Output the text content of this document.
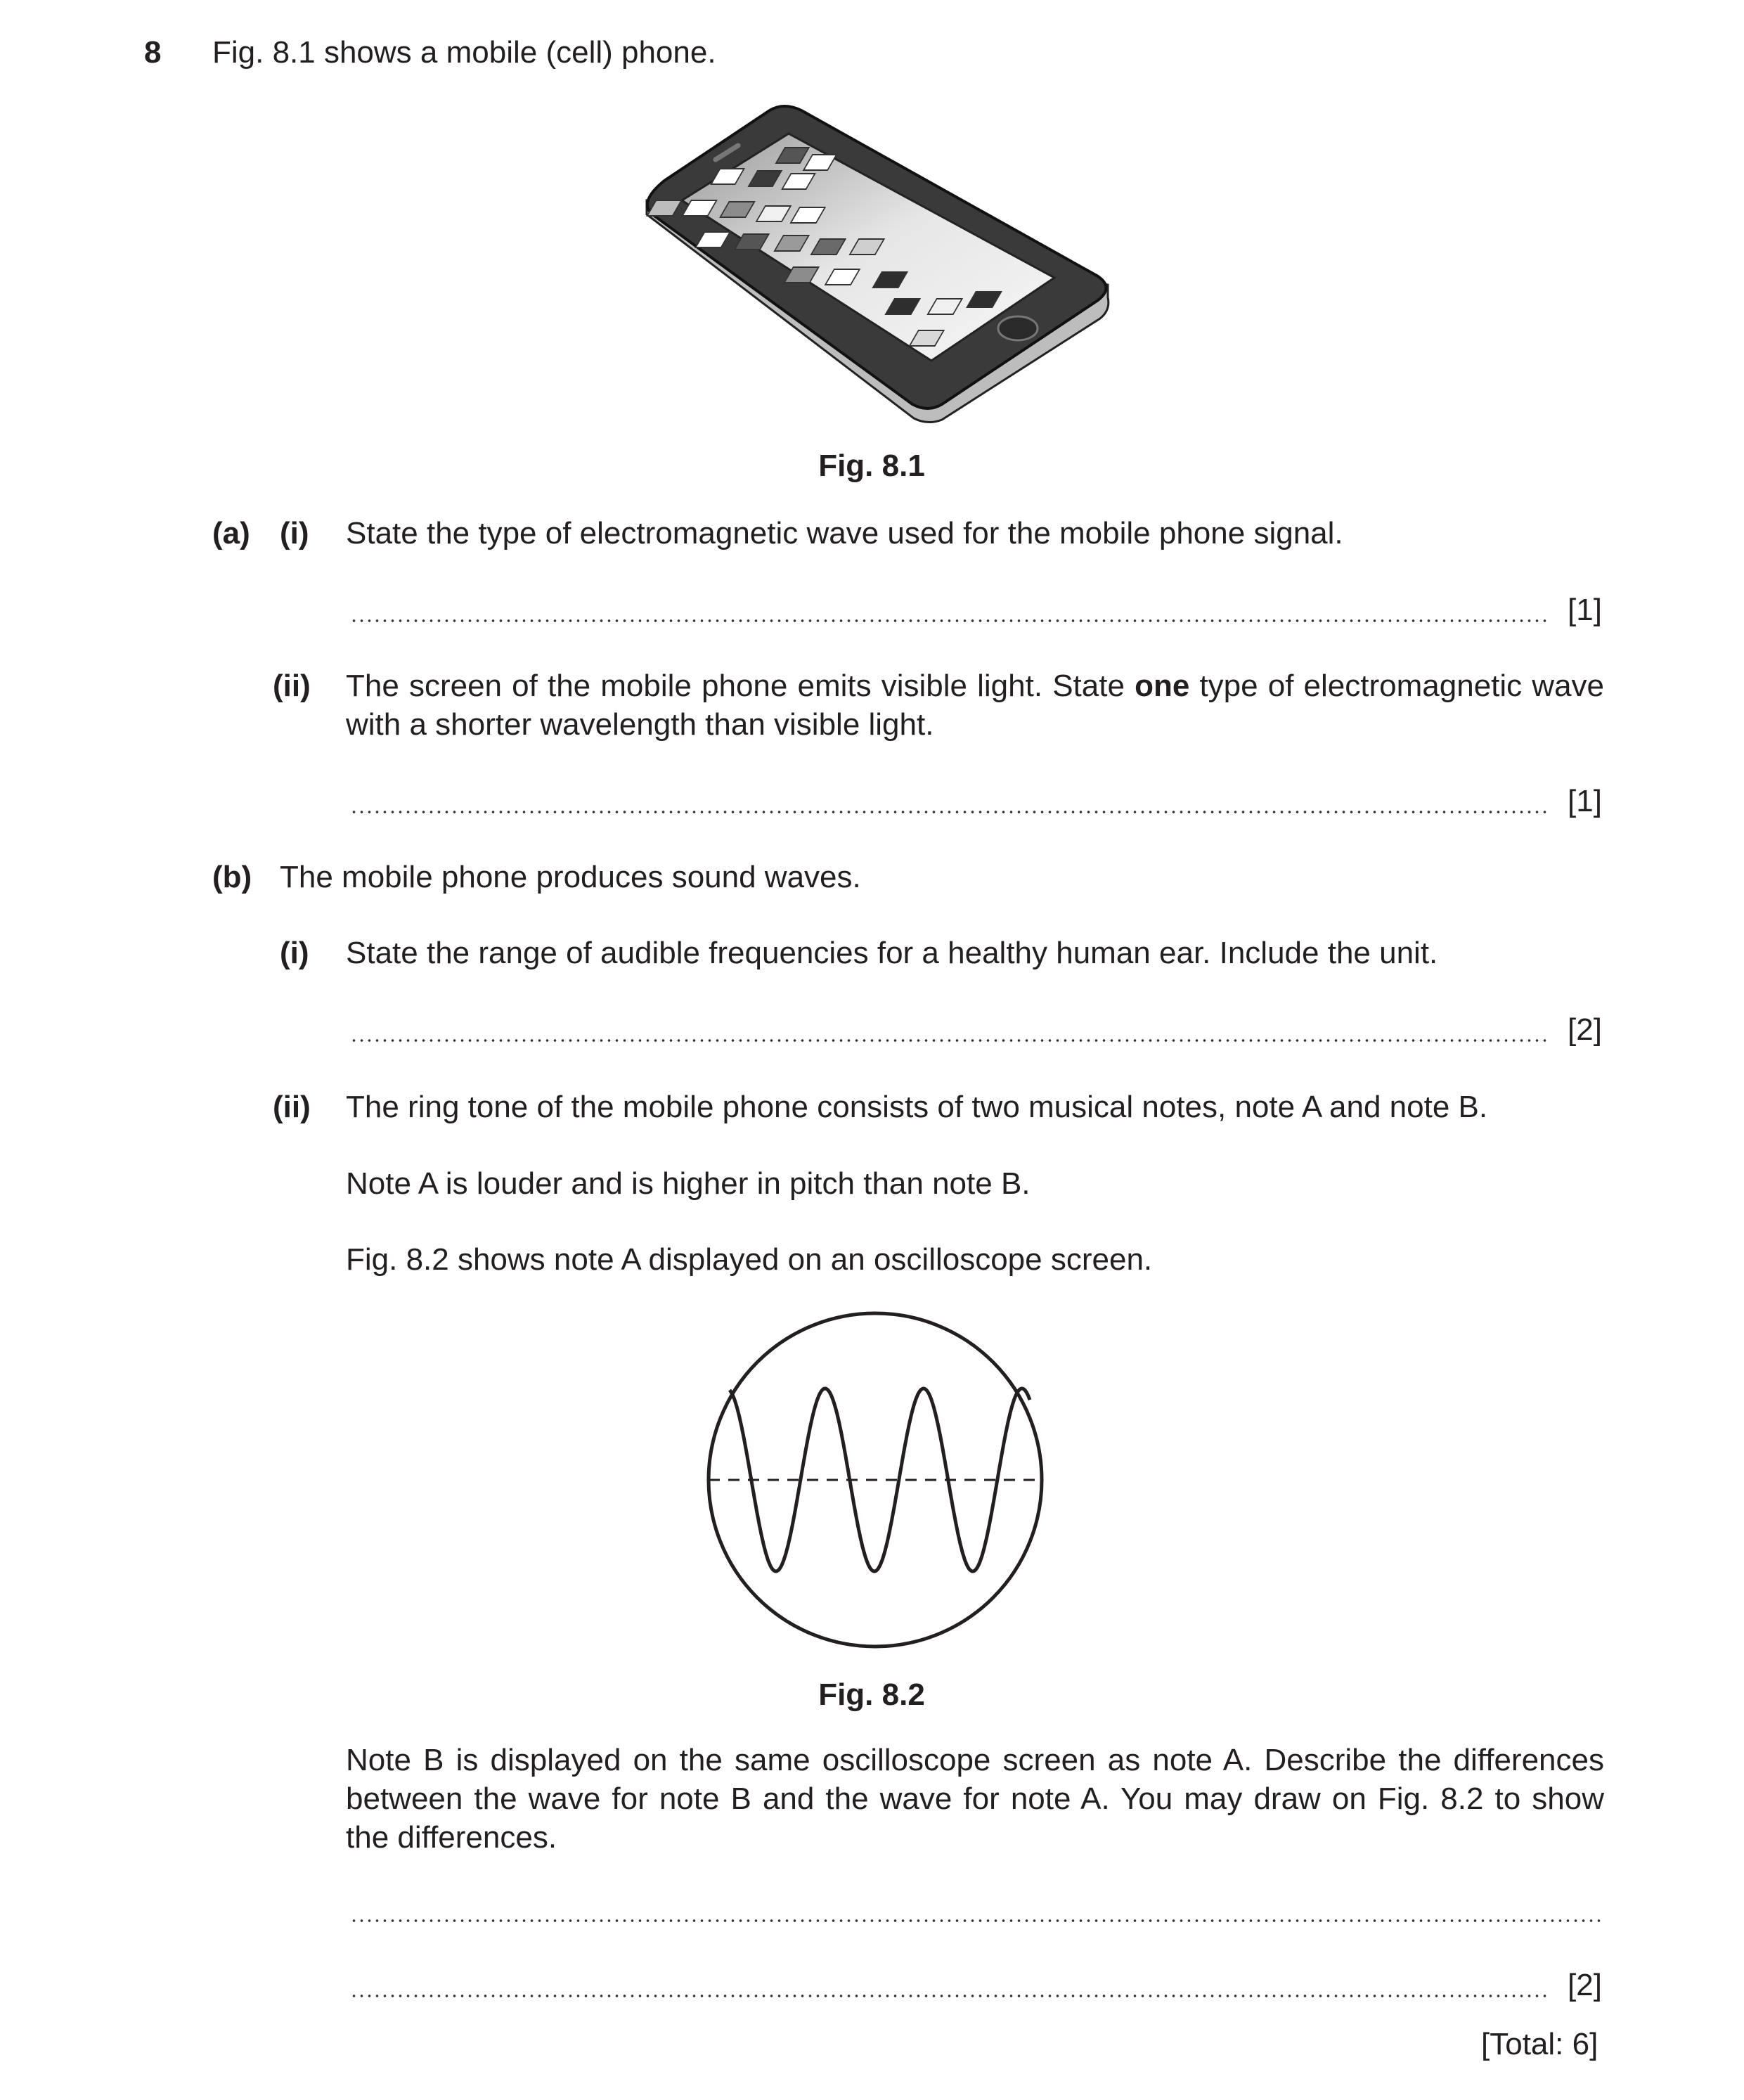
8 Fig. 8.1 shows a mobile (cell) phone.
Fig. 8.1
(a) (i) State the type of electromagnetic wave used for the mobile phone signal.
[1]
(ii) The screen of the mobile phone emits visible light. State one type of electromagnetic wave with a shorter wavelength than visible light.
[1]
(b) The mobile phone produces sound waves.
(i) State the range of audible frequencies for a healthy human ear. Include the unit.
[2]
(ii) The ring tone of the mobile phone consists of two musical notes, note A and note B.
Note A is louder and is higher in pitch than note B.
Fig. 8.2 shows note A displayed on an oscilloscope screen.
Fig. 8.2
Note B is displayed on the same oscilloscope screen as note A. Describe the differences between the wave for note B and the wave for note A. You may draw on Fig. 8.2 to show the differences.
[2]
[Total: 6]
